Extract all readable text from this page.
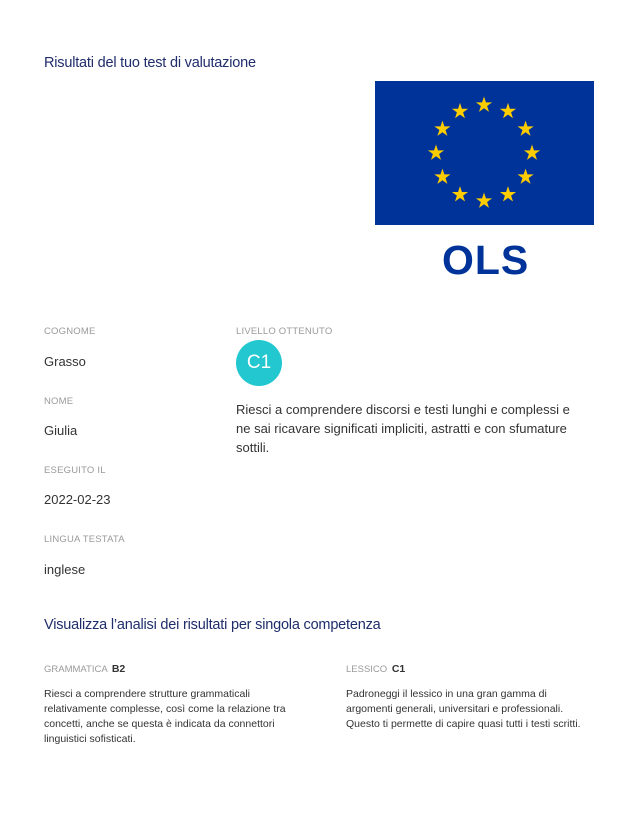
Risultati del tuo test di valutazione
OLS
COGNOME
Grasso
NOME
Giulia
ESEGUITO IL
2022-02-23
LINGUA TESTATA
inglese
LIVELLO OTTENUTO
C1

Riesci a comprendere discorsi e testi lunghi e complessi e ne sai ricavare significati impliciti, astratti e con sfumature sottili.

Visualizza l’analisi dei risultati per singola competenza
GRAMMATICA B2

Riesci a comprendere strutture grammaticali relativamente complesse, così come la relazione tra concetti, anche se questa è indicata da connettori linguistici sofisticati.

LESSICO C1

Padroneggi il lessico in una gran gamma di argomenti generali, universitari e professionali. Questo ti permette di capire quasi tutti i testi scritti.
